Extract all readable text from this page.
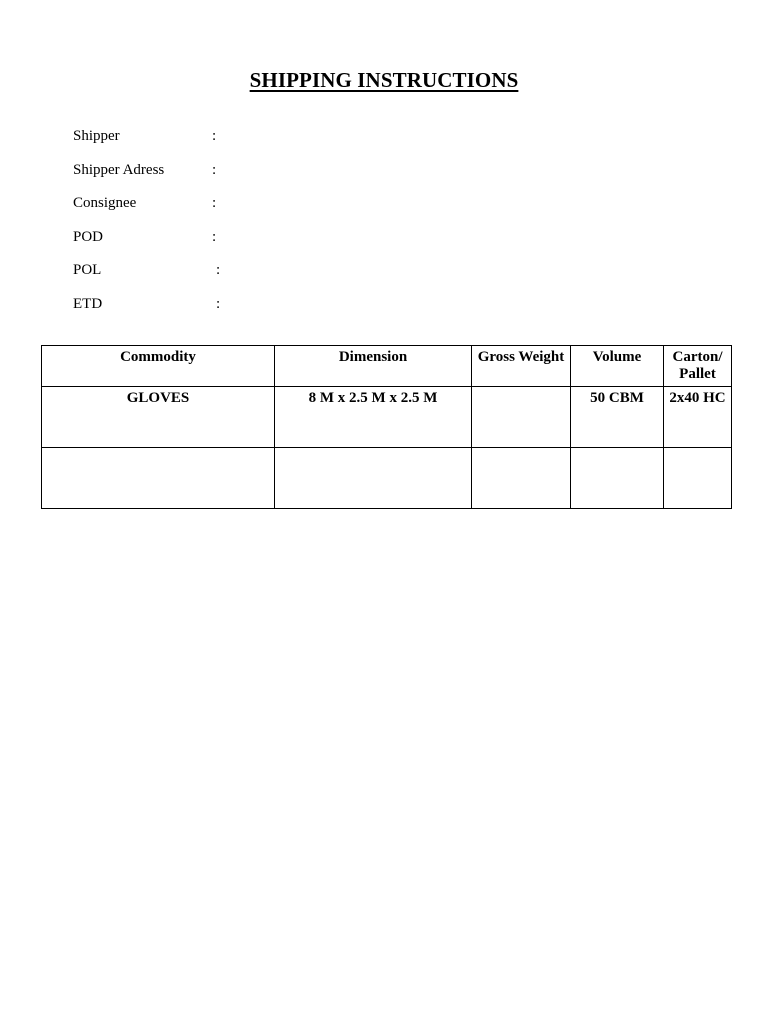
SHIPPING INSTRUCTIONS
Shipper	:
Shipper Adress	:
Consignee	:
POD	:
POL	:
ETD	:
Commodity	Dimension	Gross Weight	Volume	Carton/
Pallet
GLOVES	8 M x 2.5 M x 2.5 M		50 CBM	2x40 HC
